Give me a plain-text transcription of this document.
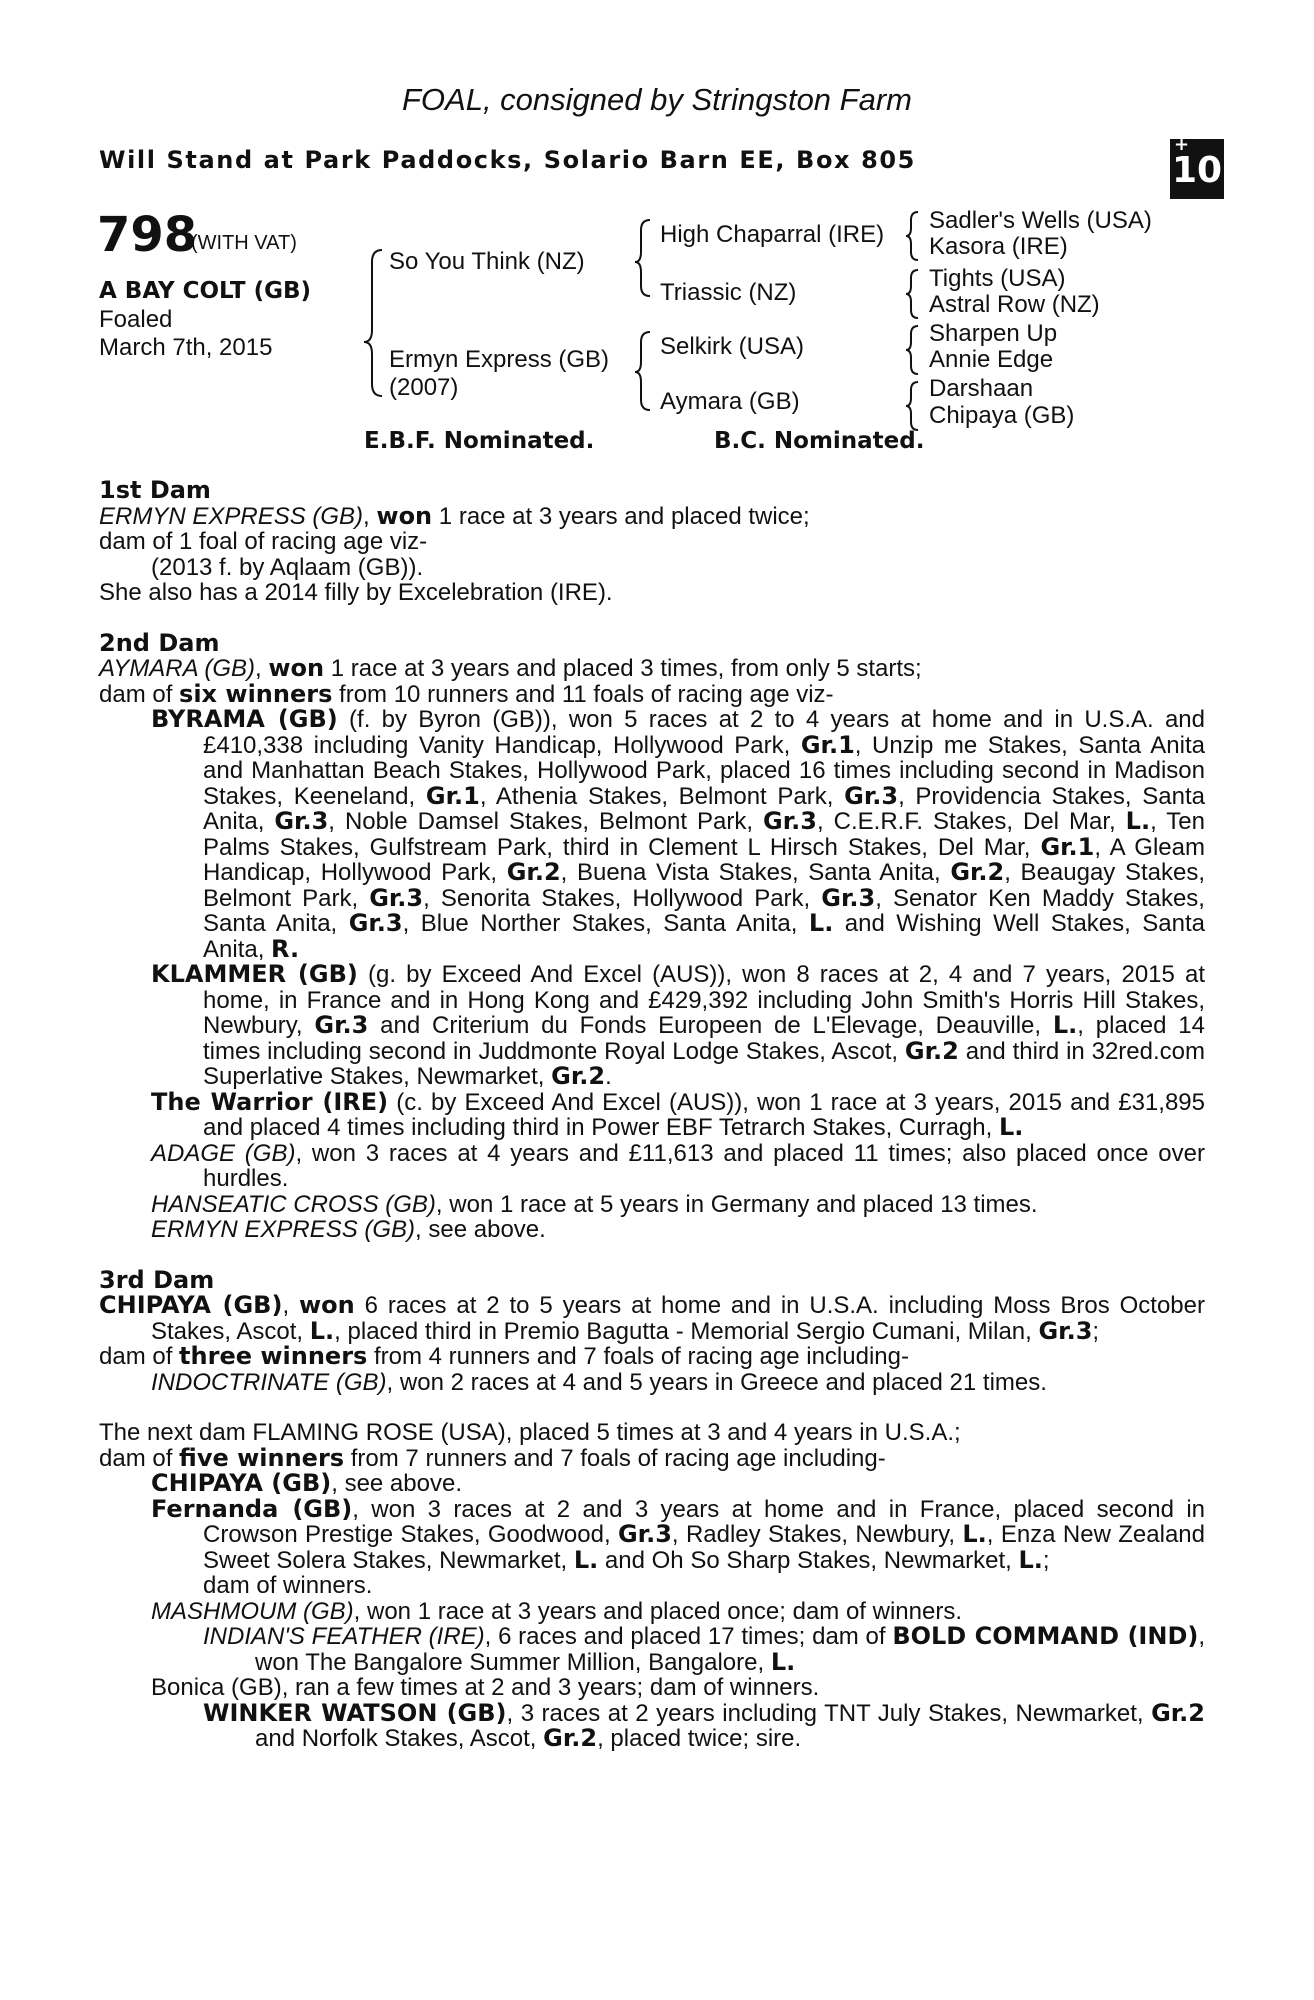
FOAL, consigned by Stringston Farm
Will Stand at Park Paddocks, Solario Barn EE, Box 805
+
10
798
(WITH VAT)
A BAY COLT (GB)
Foaled
March 7th, 2015
So You Think (NZ)
Ermyn Express (GB)
(2007)
High Chaparral (IRE)
Triassic (NZ)
Selkirk (USA)
Aymara (GB)
Sadler's Wells (USA)
Kasora (IRE)
Tights (USA)
Astral Row (NZ)
Sharpen Up
Annie Edge
Darshaan
Chipaya (GB)
E.B.F. Nominated.	B.C. Nominated.
1st Dam

ERMYN EXPRESS (GB), won 1 race at 3 years and placed twice;

dam of 1 foal of racing age viz-

(2013 f. by Aqlaam (GB)).

She also has a 2014 filly by Excelebration (IRE).

2nd Dam

AYMARA (GB), won 1 race at 3 years and placed 3 times, from only 5 starts;

dam of six winners from 10 runners and 11 foals of racing age viz-

BYRAMA (GB) (f. by Byron (GB)), won 5 races at 2 to 4 years at home and in U.S.A. and £410,338 including Vanity Handicap, Hollywood Park, Gr.1, Unzip me Stakes, Santa Anita and Manhattan Beach Stakes, Hollywood Park, placed 16 times including second in Madison Stakes, Keeneland, Gr.1, Athenia Stakes, Belmont Park, Gr.3, Providencia Stakes, Santa Anita, Gr.3, Noble Damsel Stakes, Belmont Park, Gr.3, C.E.R.F. Stakes, Del Mar, L., Ten Palms Stakes, Gulfstream Park, third in Clement L Hirsch Stakes, Del Mar, Gr.1, A Gleam Handicap, Hollywood Park, Gr.2, Buena Vista Stakes, Santa Anita, Gr.2, Beaugay Stakes, Belmont Park, Gr.3, Senorita Stakes, Hollywood Park, Gr.3, Senator Ken Maddy Stakes, Santa Anita, Gr.3, Blue Norther Stakes, Santa Anita, L. and Wishing Well Stakes, Santa Anita, R.

KLAMMER (GB) (g. by Exceed And Excel (AUS)), won 8 races at 2, 4 and 7 years, 2015 at home, in France and in Hong Kong and £429,392 including John Smith's Horris Hill Stakes, Newbury, Gr.3 and Criterium du Fonds Europeen de L'Elevage, Deauville, L., placed 14 times including second in Juddmonte Royal Lodge Stakes, Ascot, Gr.2 and third in 32red.com Superlative Stakes, Newmarket, Gr.2.

The Warrior (IRE) (c. by Exceed And Excel (AUS)), won 1 race at 3 years, 2015 and £31,895 and placed 4 times including third in Power EBF Tetrarch Stakes, Curragh, L.

ADAGE (GB), won 3 races at 4 years and £11,613 and placed 11 times; also placed once over hurdles.

HANSEATIC CROSS (GB), won 1 race at 5 years in Germany and placed 13 times.

ERMYN EXPRESS (GB), see above.

3rd Dam

CHIPAYA (GB), won 6 races at 2 to 5 years at home and in U.S.A. including Moss Bros October Stakes, Ascot, L., placed third in Premio Bagutta - Memorial Sergio Cumani, Milan, Gr.3;

dam of three winners from 4 runners and 7 foals of racing age including-

INDOCTRINATE (GB), won 2 races at 4 and 5 years in Greece and placed 21 times.

The next dam FLAMING ROSE (USA), placed 5 times at 3 and 4 years in U.S.A.;

dam of five winners from 7 runners and 7 foals of racing age including-

CHIPAYA (GB), see above.

Fernanda (GB), won 3 races at 2 and 3 years at home and in France, placed second in Crowson Prestige Stakes, Goodwood, Gr.3, Radley Stakes, Newbury, L., Enza New Zealand Sweet Solera Stakes, Newmarket, L. and Oh So Sharp Stakes, Newmarket, L.;

dam of winners.

MASHMOUM (GB), won 1 race at 3 years and placed once; dam of winners.

INDIAN'S FEATHER (IRE), 6 races and placed 17 times; dam of BOLD COMMAND (IND), won The Bangalore Summer Million, Bangalore, L.

Bonica (GB), ran a few times at 2 and 3 years; dam of winners.

WINKER WATSON (GB), 3 races at 2 years including TNT July Stakes, Newmarket, Gr.2 and Norfolk Stakes, Ascot, Gr.2, placed twice; sire.
